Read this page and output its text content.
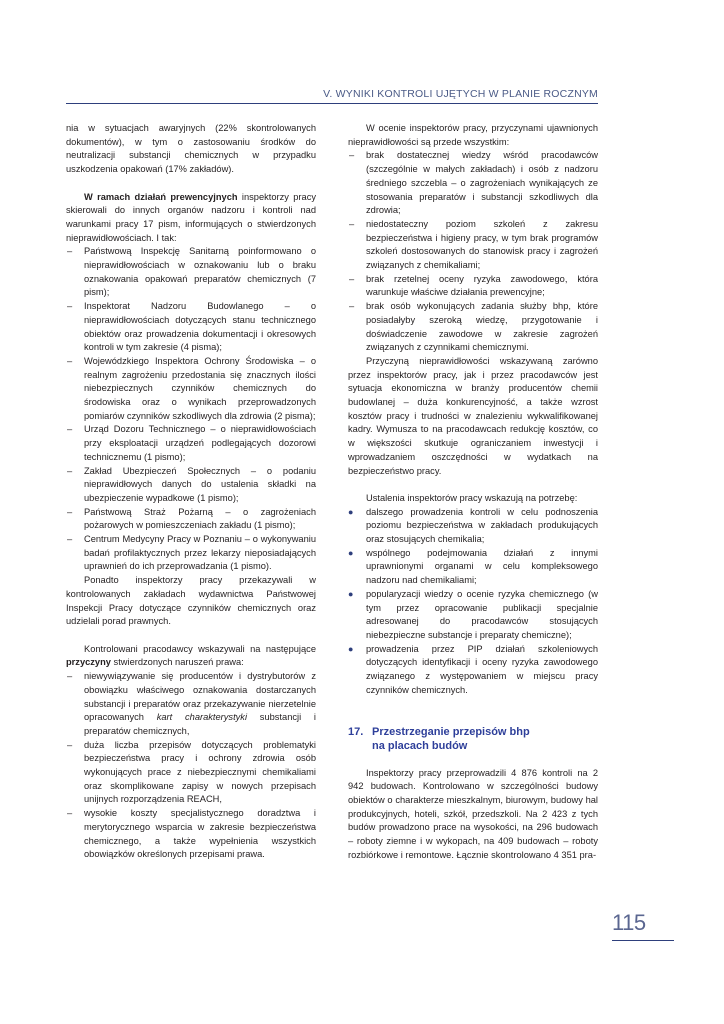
V. WYNIKI KONTROLI UJĘTYCH W PLANIE ROCZNYM

nia w sytuacjach awaryjnych (22% skontrolowanych dokumentów), w tym o zastosowaniu środków do neutralizacji substancji chemicznych w przypadku uszkodzenia opakowań (17% zakładów).

W ramach działań prewencyjnych inspektorzy pracy skierowali do innych organów nadzoru i kontroli nad warunkami pracy 17 pism, informujących o stwierdzonych nieprawidłowościach. I tak:

– Państwową Inspekcję Sanitarną poinformowano o nieprawidłowościach w oznakowaniu lub o braku oznakowania opakowań preparatów chemicznych (7 pism);
– Inspektorat Nadzoru Budowlanego – o nieprawidłowościach dotyczących stanu technicznego obiektów oraz prowadzenia dokumentacji i okresowych kontroli w tym zakresie (4 pisma);
– Wojewódzkiego Inspektora Ochrony Środowiska – o realnym zagrożeniu przedostania się znacznych ilości niebezpiecznych czynników chemicznych do środowiska oraz o wynikach przeprowadzonych pomiarów czynników szkodliwych dla zdrowia (2 pisma);
– Urząd Dozoru Technicznego – o nieprawidłowościach przy eksploatacji urządzeń podlegających dozorowi technicznemu (1 pismo);
– Zakład Ubezpieczeń Społecznych – o podaniu nieprawidłowych danych do ustalenia składki na ubezpieczenie wypadkowe (1 pismo);
– Państwową Straż Pożarną – o zagrożeniach pożarowych w pomieszczeniach zakładu (1 pismo);
– Centrum Medycyny Pracy w Poznaniu – o wykonywaniu badań profilaktycznych przez lekarzy nieposiadających uprawnień do ich przeprowadzania (1 pismo).

Ponadto inspektorzy pracy przekazywali w kontrolowanych zakładach wydawnictwa Państwowej Inspekcji Pracy dotyczące czynników chemicznych oraz udzielali porad prawnych.

Kontrolowani pracodawcy wskazywali na następujące przyczyny stwierdzonych naruszeń prawa:

– niewywiązywanie się producentów i dystrybutorów z obowiązku właściwego oznakowania dostarczanych substancji i preparatów oraz przekazywanie nierzetelnie opracowanych kart charakterystyki substancji i preparatów chemicznych,
– duża liczba przepisów dotyczących problematyki bezpieczeństwa pracy i ochrony zdrowia osób wykonujących prace z niebezpiecznymi chemikaliami oraz skomplikowane zapisy w nowych przepisach unijnych rozporządzenia REACH,
– wysokie koszty specjalistycznego doradztwa i merytorycznego wsparcia w zakresie bezpieczeństwa chemicznego, a także wypełnienia wszystkich obowiązków określonych przepisami prawa.

W ocenie inspektorów pracy, przyczynami ujawnionych nieprawidłowości są przede wszystkim:

– brak dostatecznej wiedzy wśród pracodawców (szczególnie w małych zakładach) i osób z nadzoru średniego szczebla – o zagrożeniach wynikających ze stosowania preparatów i substancji szkodliwych dla zdrowia;
– niedostateczny poziom szkoleń z zakresu bezpieczeństwa i higieny pracy, w tym brak programów szkoleń dostosowanych do stanowisk pracy i zagrożeń związanych z chemikaliami;
– brak rzetelnej oceny ryzyka zawodowego, która warunkuje właściwe działania prewencyjne;
– brak osób wykonujących zadania służby bhp, które posiadałyby szeroką wiedzę, przygotowanie i doświadczenie zawodowe w zakresie zagrożeń związanych z czynnikami chemicznymi.

Przyczyną nieprawidłowości wskazywaną zarówno przez inspektorów pracy, jak i przez pracodawców jest sytuacja ekonomiczna w branży producentów chemii budowlanej – duża konkurencyjność, a także wzrost kosztów pracy i trudności w znalezieniu wykwalifikowanej kadry. Wymusza to na pracodawcach redukcję kosztów, co w większości skutkuje ograniczaniem inwestycji i wprowadzaniem oszczędności w wydatkach na bezpieczeństwo pracy.

Ustalenia inspektorów pracy wskazują na potrzebę:

● dalszego prowadzenia kontroli w celu podnoszenia poziomu bezpieczeństwa w zakładach produkujących oraz stosujących chemikalia;
● wspólnego podejmowania działań z innymi uprawnionymi organami w celu kompleksowego nadzoru nad chemikaliami;
● popularyzacji wiedzy o ocenie ryzyka chemicznego (w tym przez opracowanie publikacji specjalnie adresowanej do pracodawców stosujących niebezpieczne substancje i preparaty chemiczne);
● prowadzenia przez PIP działań szkoleniowych dotyczących identyfikacji i oceny ryzyka zawodowego związanego z występowaniem w miejscu pracy czynników chemicznych.
17. Przestrzeganie przepisów bhp
na placach budów

Inspektorzy pracy przeprowadzili 4 876 kontroli na 2 942 budowach. Kontrolowano w szczególności budowy obiektów o charakterze mieszkalnym, biurowym, budowy hal produkcyjnych, hoteli, szkół, przedszkoli. Na 2 423 z tych budów prowadzono prace na wysokości, na 296 budowach – roboty ziemne i w wykopach, na 409 budowach – roboty rozbiórkowe i remontowe. Łącznie skontrolowano 4 351 pra-

115
